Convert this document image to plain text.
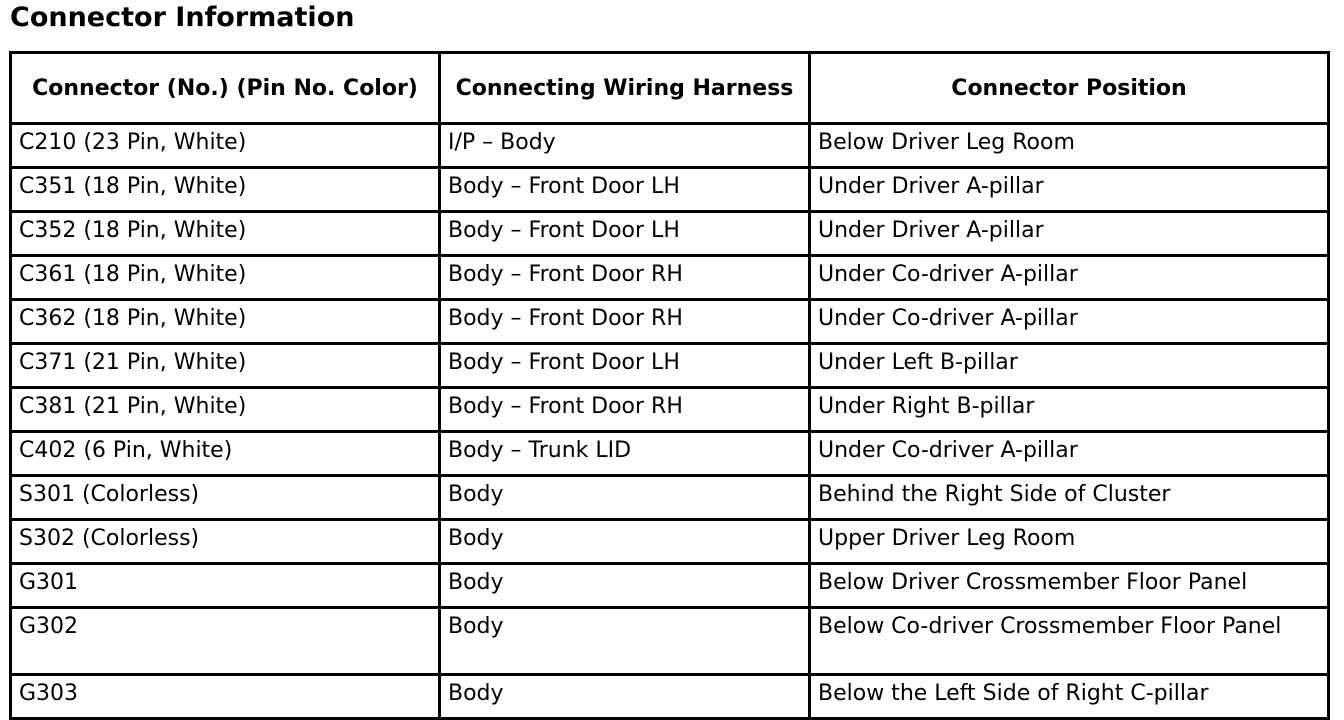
Connector Information
Connector (No.) (Pin No. Color)	Connecting Wiring Harness	Connector Position
C210 (23 Pin, White)	I/P – Body	Below Driver Leg Room
C351 (18 Pin, White)	Body – Front Door LH	Under Driver A-pillar
C352 (18 Pin, White)	Body – Front Door LH	Under Driver A-pillar
C361 (18 Pin, White)	Body – Front Door RH	Under Co-driver A-pillar
C362 (18 Pin, White)	Body – Front Door RH	Under Co-driver A-pillar
C371 (21 Pin, White)	Body – Front Door LH	Under Left B-pillar
C381 (21 Pin, White)	Body – Front Door RH	Under Right B-pillar
C402 (6 Pin, White)	Body – Trunk LID	Under Co-driver A-pillar
S301 (Colorless)	Body	Behind the Right Side of Cluster
S302 (Colorless)	Body	Upper Driver Leg Room
G301	Body	Below Driver Crossmember Floor Panel
G302	Body	Below Co-driver Crossmember Floor Panel
G303	Body	Below the Left Side of Right C-pillar
